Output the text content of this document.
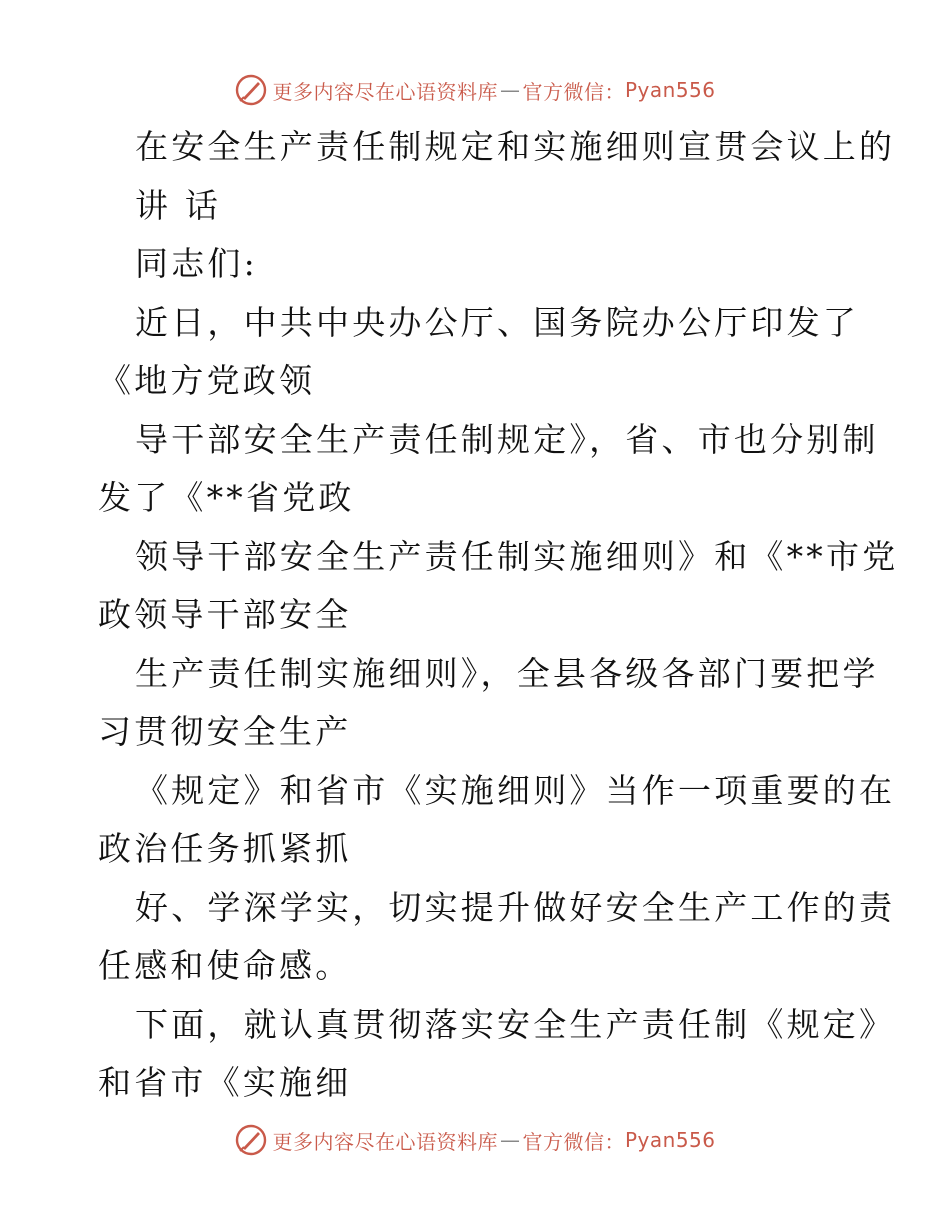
更多内容尽在心语资料库 — 官方微信： Pyan556
在安全生产责任制规定和实施细则宣贯会议上的
讲 话
同志们:
近日，中共中央办公厅、国务院办公厅印发了
《地方党政领
导干部安全生产责任制规定》，省、市也分别制
发了《**省党政
领导干部安全生产责任制实施细则》和《**市党
政领导干部安全
生产责任制实施细则》，全县各级各部门要把学
习贯彻安全生产
《规定》和省市《实施细则》当作一项重要的在
政治任务抓紧抓
好、学深学实，切实提升做好安全生产工作的责
任感和使命感。
下面，就认真贯彻落实安全生产责任制《规定》
和省市《实施细
更多内容尽在心语资料库 — 官方微信： Pyan556
